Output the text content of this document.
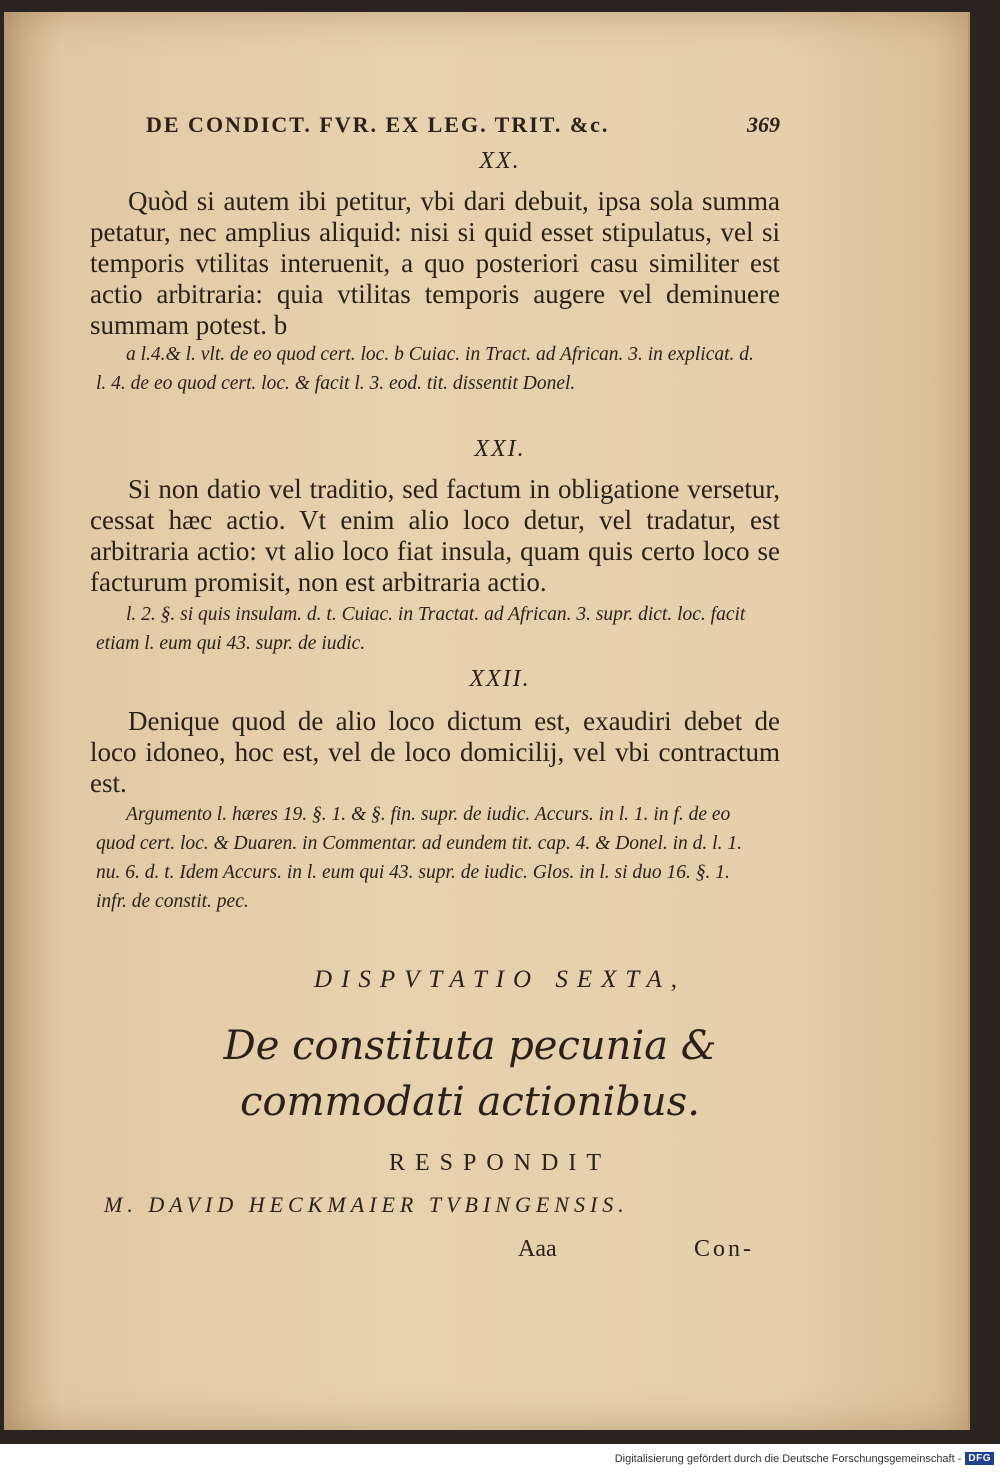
DE CONDICT. FVR. EX LEG. TRIT. &c.	369
XX.

Quòd si autem ibi petitur, vbi dari debuit, ipsa sola summa petatur, nec amplius aliquid: nisi si quid esset stipulatus, vel si temporis vtilitas interuenit, a quo posteriori casu similiter est actio arbitraria: quia vtilitas temporis augere vel deminuere summam potest. b

a l.4.& l. vlt. de eo quod cert. loc. b Cuiac. in Tract. ad African. 3. in explicat. d. l. 4. de eo quod cert. loc. & facit l. 3. eod. tit. dissentit Donel.

XXI.

Si non datio vel traditio, sed factum in obligatione versetur, cessat hæc actio. Vt enim alio loco detur, vel tradatur, est arbitraria actio: vt alio loco fiat insula, quam quis certo loco se facturum promisit, non est arbitraria actio.

l. 2. §. si quis insulam. d. t. Cuiac. in Tractat. ad African. 3. supr. dict. loc. facit etiam l. eum qui 43. supr. de iudic.

XXII.

Denique quod de alio loco dictum est, exaudiri debet de loco idoneo, hoc est, vel de loco domicilij, vel vbi contractum est.

Argumento l. hæres 19. §. 1. & §. fin. supr. de iudic. Accurs. in l. 1. in f. de eo quod cert. loc. & Duaren. in Commentar. ad eundem tit. cap. 4. & Donel. in d. l. 1. nu. 6. d. t. Idem Accurs. in l. eum qui 43. supr. de iudic. Glos. in l. si duo 16. §. 1. infr. de constit. pec.

DISPVTATIO SEXTA,

De constituta pecunia & commodati actionibus.

RESPONDIT
M. DAVID HECKMAIER TVBINGENSIS.
Aaa	Con-
Digitalisierung gefördert durch die Deutsche Forschungsgemeinschaft - DFG
